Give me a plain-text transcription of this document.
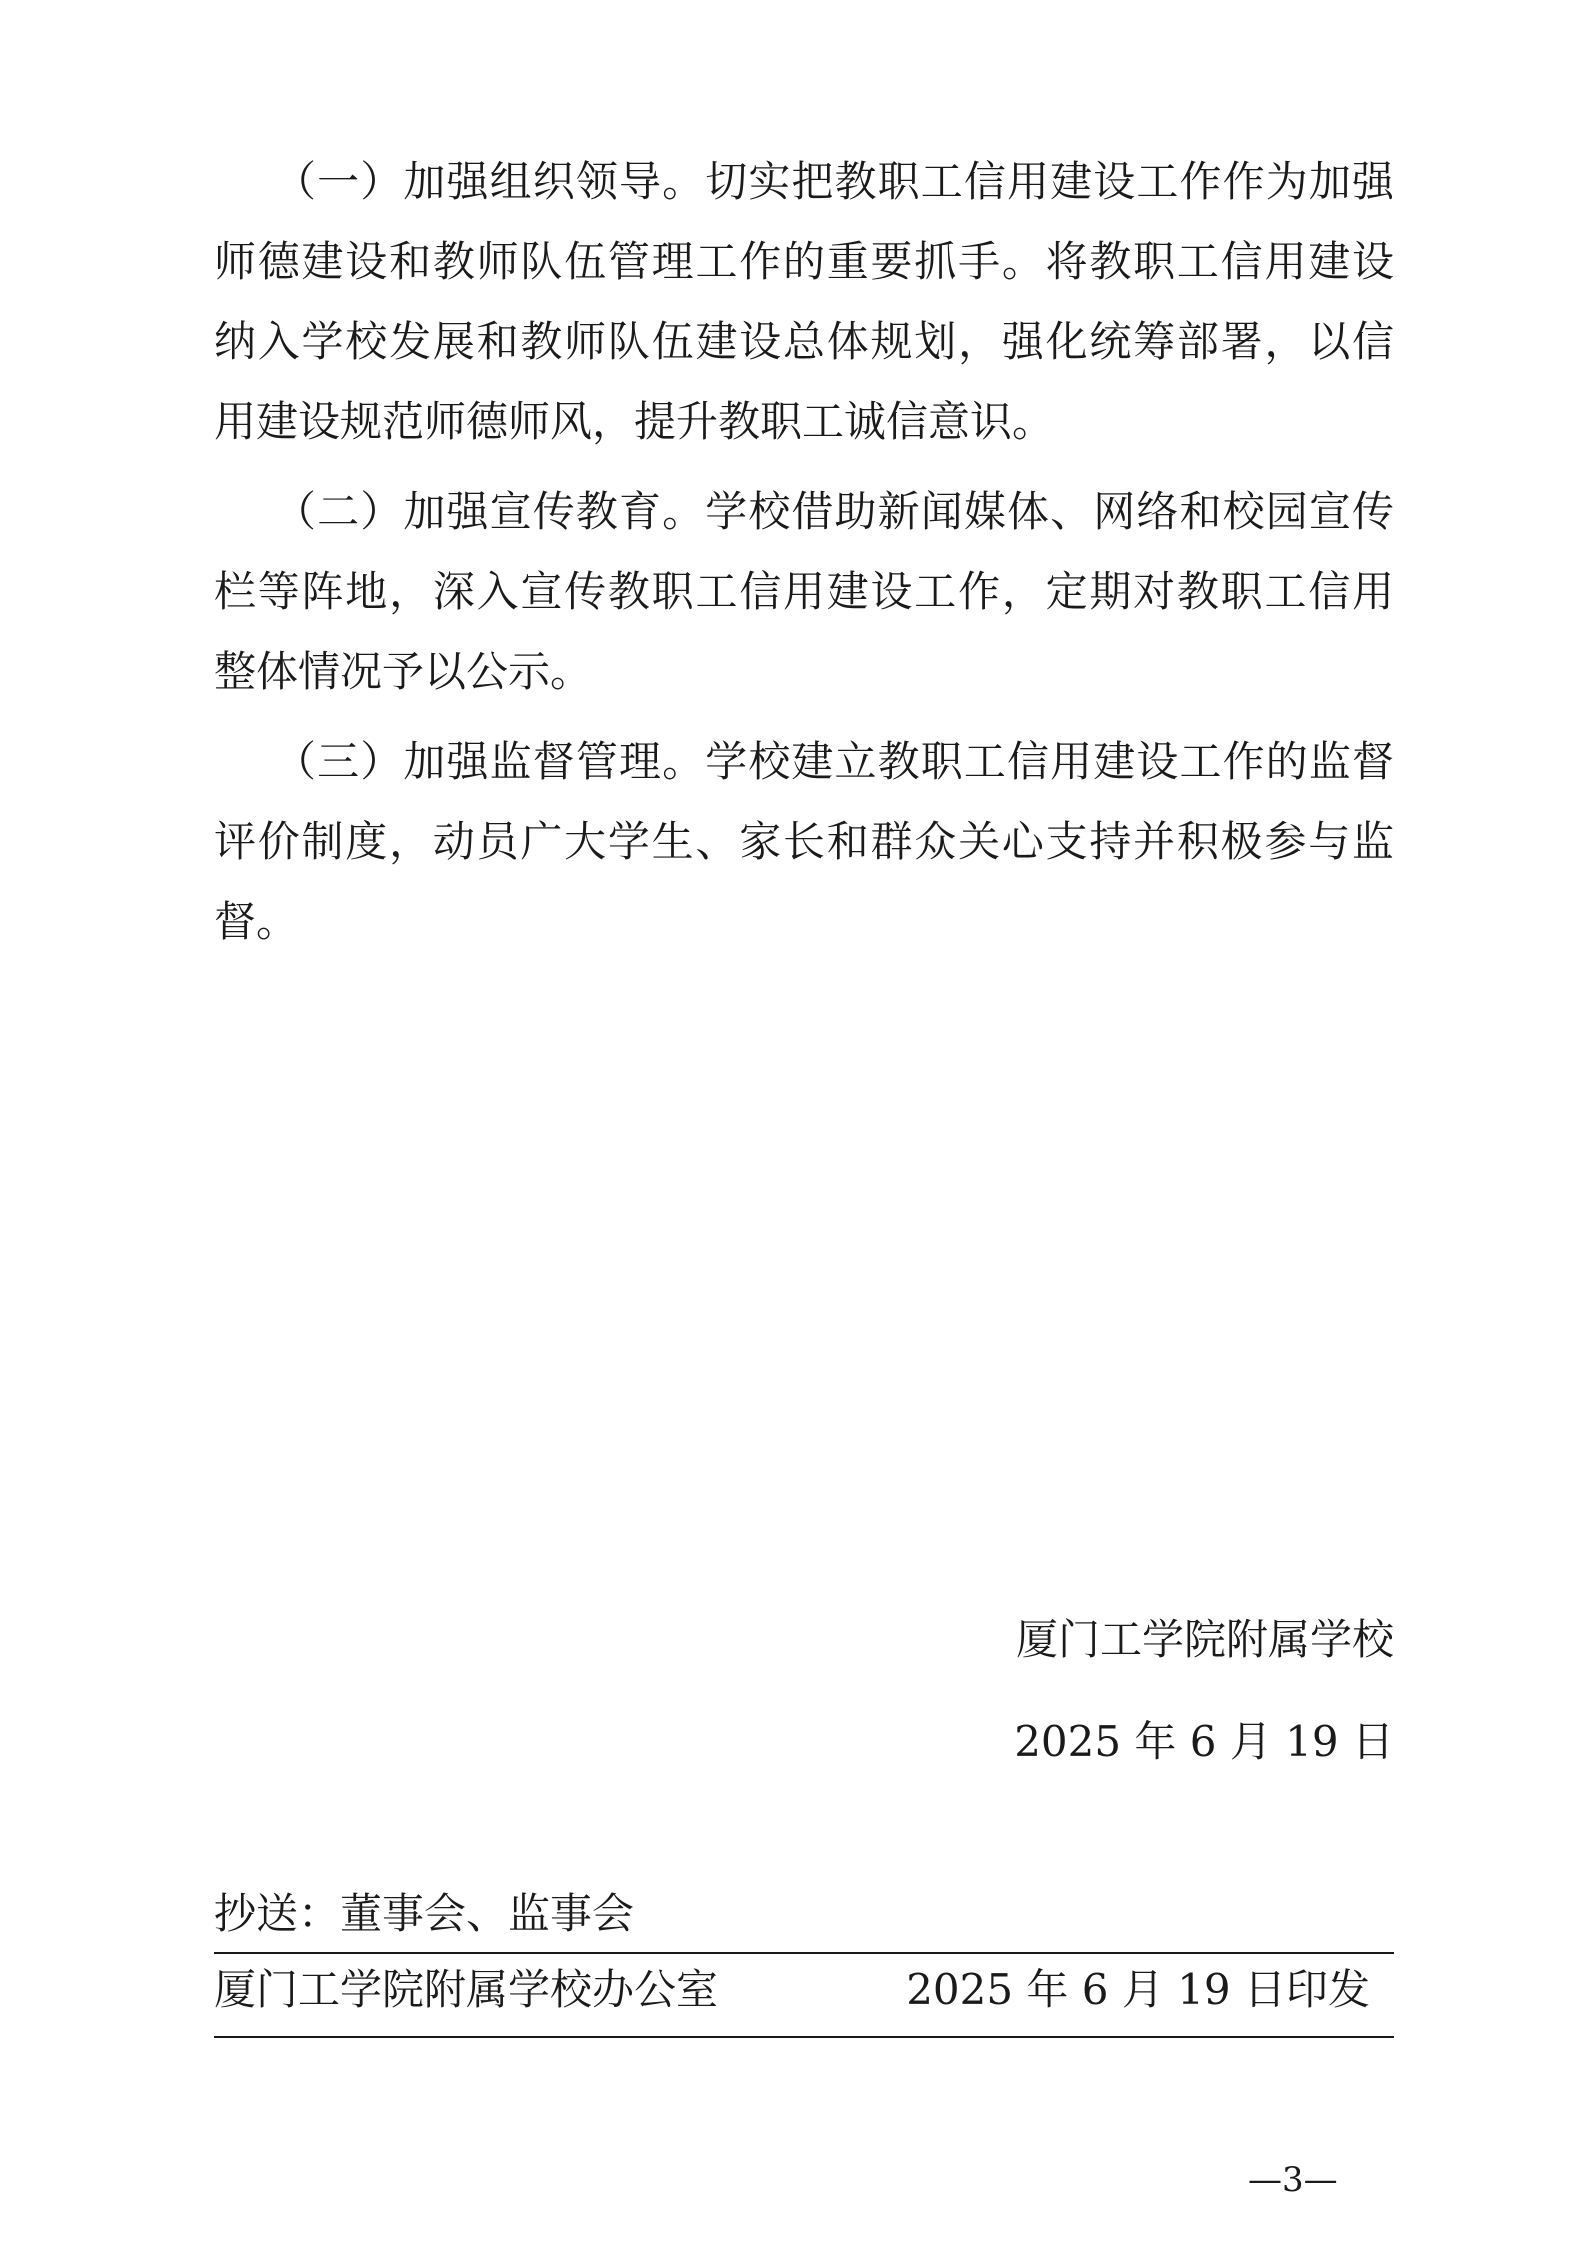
（一）加强组织领导。切实把教职工信用建设工作作为加强
师德建设和教师队伍管理工作的重要抓手。将教职工信用建设
纳入学校发展和教师队伍建设总体规划，强化统筹部署，以信
用建设规范师德师风，提升教职工诚信意识。
（二）加强宣传教育。学校借助新闻媒体、网络和校园宣传
栏等阵地，深入宣传教职工信用建设工作，定期对教职工信用
整体情况予以公示。
（三）加强监督管理。学校建立教职工信用建设工作的监督
评价制度，动员广大学生、家长和群众关心支持并积极参与监
督。
厦门工学院附属学校
2025 年 6 月 19 日
抄送：董事会、监事会
厦门工学院附属学校办公室	2025 年 6 月 19 日印发
—3—
